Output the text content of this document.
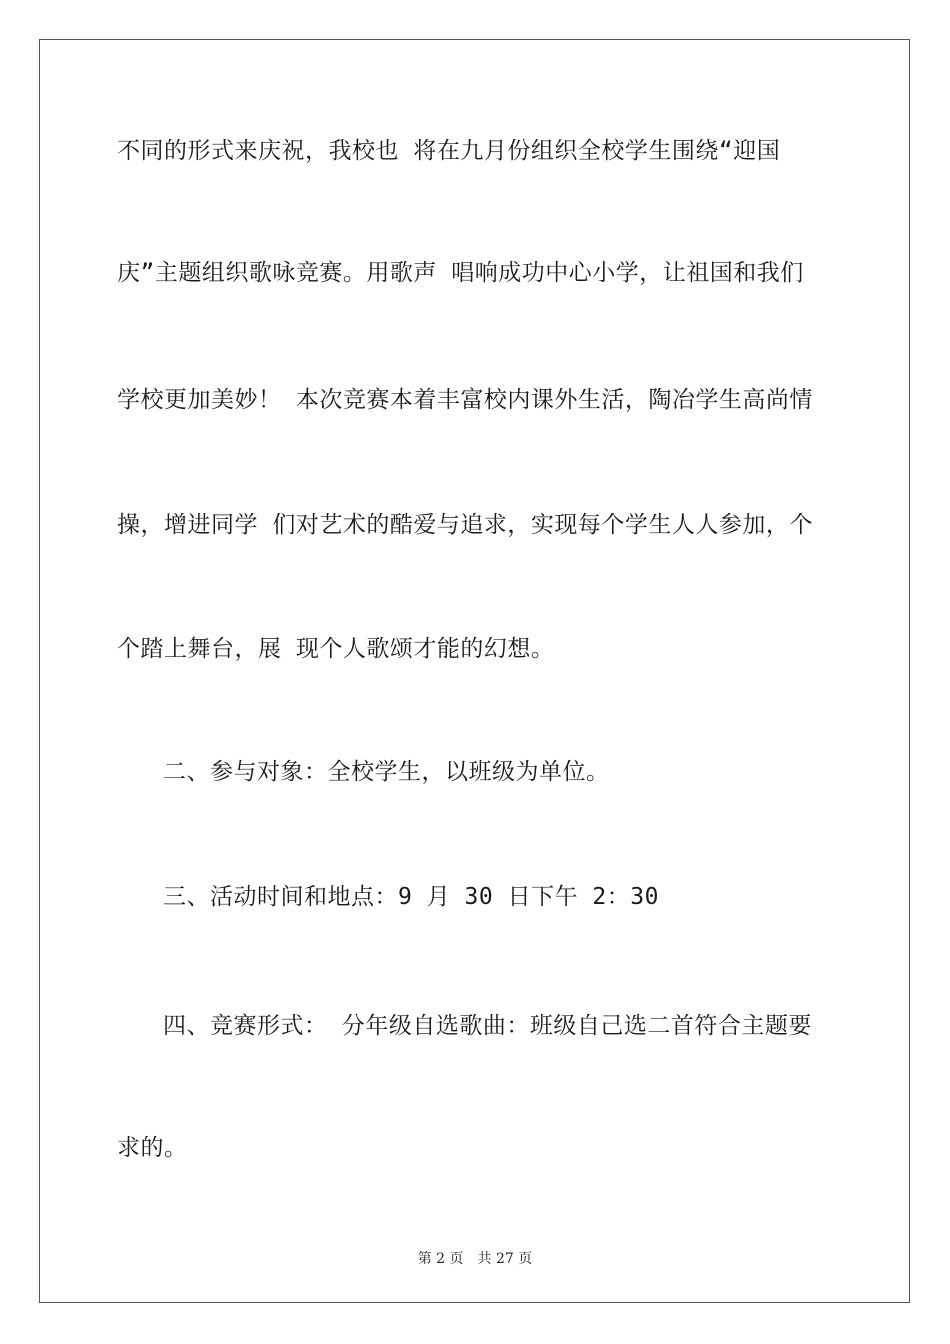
不同的形式来庆祝，我校也 将在九月份组织全校学生围绕“迎国
庆”主题组织歌咏竞赛。用歌声 唱响成功中心小学，让祖国和我们
学校更加美妙！ 本次竞赛本着丰富校内课外生活，陶冶学生高尚情
操，增进同学 们对艺术的酷爱与追求，实现每个学生人人参加，个
个踏上舞台，展 现个人歌颂才能的幻想。
二、参与对象：全校学生，以班级为单位。
三、活动时间和地点：9 月 30 日下午 2：30
四、竞赛形式： 分年级自选歌曲：班级自己选二首符合主题要
求的。
第 2 页 共 27 页
